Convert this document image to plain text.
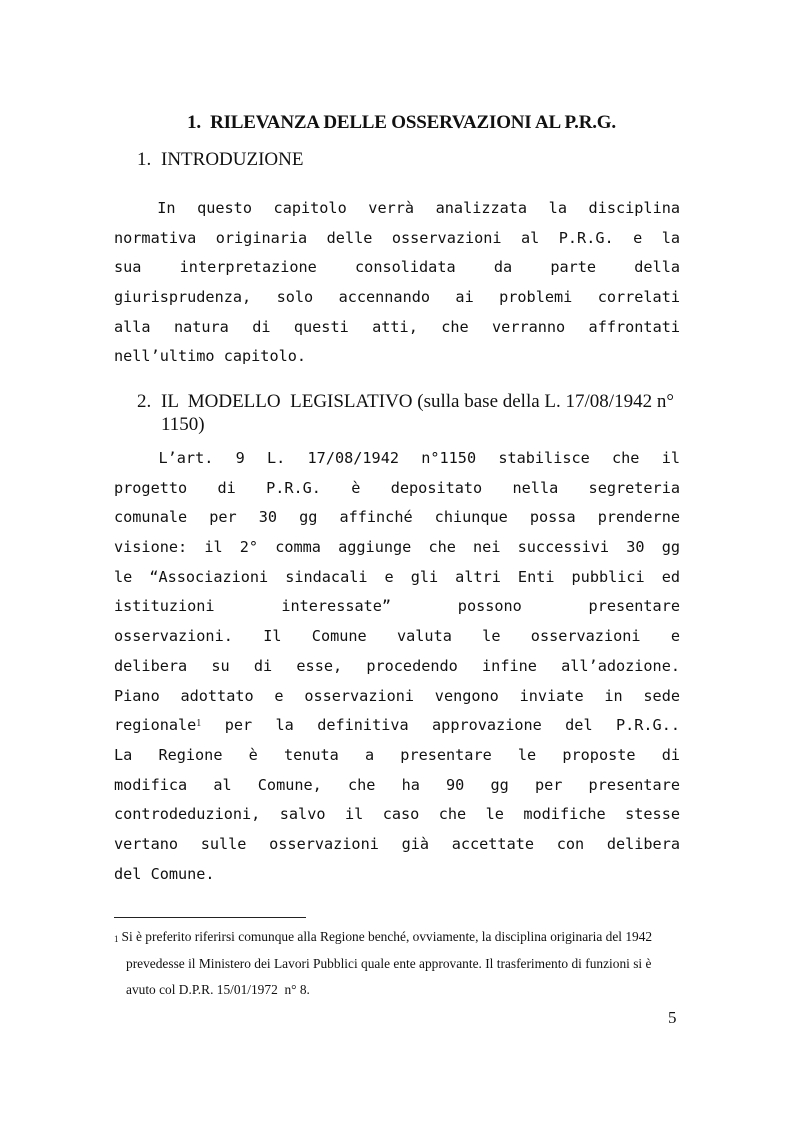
1. RILEVANZA DELLE OSSERVAZIONI AL P.R.G.
1. INTRODUZIONE
In questo capitolo verrà analizzata la disciplina
normativa originaria delle osservazioni al P.R.G. e la
sua interpretazione consolidata da parte della
giurisprudenza, solo accennando ai problemi correlati
alla natura di questi atti, che verranno affrontati
nell’ultimo capitolo.
2. IL  MODELLO  LEGISLATIVO (sulla base della L. 17/08/1942 n°
1150)
L’art. 9 L. 17/08/1942 n°1150 stabilisce che il
progetto di P.R.G. è depositato nella segreteria
comunale per 30 gg affinché chiunque possa prenderne
visione: il 2° comma aggiunge che nei successivi 30 gg
le “Associazioni sindacali e gli altri Enti pubblici ed
istituzioni interessate” possono presentare
osservazioni. Il Comune valuta le osservazioni e
delibera su di esse, procedendo infine all’adozione.
Piano adottato e osservazioni vengono inviate in sede
regionale$^1$ per la definitiva approvazione del P.R.G..
La Regione è tenuta a presentare le proposte di
modifica al Comune, che ha 90 gg per presentare
controdeduzioni, salvo il caso che le modifiche stesse
vertano sulle osservazioni già accettate con delibera
del Comune.
$^1$ Si è preferito riferirsi comunque alla Regione benché, ovviamente, la disciplina originaria del 1942
prevedesse il Ministero dei Lavori Pubblici quale ente approvante. Il trasferimento di funzioni si è
avuto col D.P.R. 15/01/1972  n° 8.
5
